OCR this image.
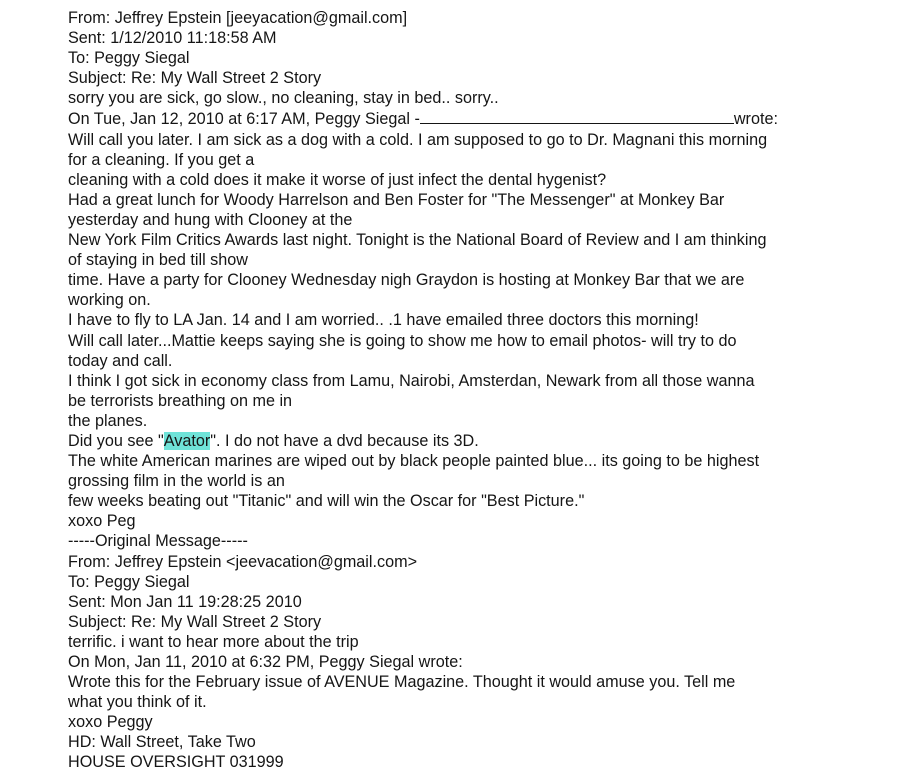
From: Jeffrey Epstein [jeeyacation@gmail.com]
Sent: 1/12/2010 11:18:58 AM
To: Peggy Siegal
Subject: Re: My Wall Street 2 Story
sorry you are sick, go slow., no cleaning, stay in bed.. sorry..
On Tue, Jan 12, 2010 at 6:17 AM, Peggy Siegal -	wrote:
Will call you later. I am sick as a dog with a cold. I am supposed to go to Dr. Magnani this morning
for a cleaning. If you get a
cleaning with a cold does it make it worse of just infect the dental hygenist?
Had a great lunch for Woody Harrelson and Ben Foster for "The Messenger" at Monkey Bar
yesterday and hung with Clooney at the
New York Film Critics Awards last night. Tonight is the National Board of Review and I am thinking
of staying in bed till show
time. Have a party for Clooney Wednesday nigh Graydon is hosting at Monkey Bar that we are
working on.
I have to fly to LA Jan. 14 and I am worried.. .1 have emailed three doctors this morning!
Will call later...Mattie keeps saying she is going to show me how to email photos- will try to do
today and call.
I think I got sick in economy class from Lamu, Nairobi, Amsterdan, Newark from all those wanna
be terrorists breathing on me in
the planes.
Did you see "Avator". I do not have a dvd because its 3D.
The white American marines are wiped out by black people painted blue... its going to be highest
grossing film in the world is an
few weeks beating out "Titanic" and will win the Oscar for "Best Picture."
xoxo Peg
-----Original Message-----
From: Jeffrey Epstein <jeevacation@gmail.com>
To: Peggy Siegal
Sent: Mon Jan 11 19:28:25 2010
Subject: Re: My Wall Street 2 Story
terrific. i want to hear more about the trip
On Mon, Jan 11, 2010 at 6:32 PM, Peggy Siegal wrote:
Wrote this for the February issue of AVENUE Magazine. Thought it would amuse you. Tell me
what you think of it.
xoxo Peggy
HD: Wall Street, Take Two
HOUSE OVERSIGHT 031999
